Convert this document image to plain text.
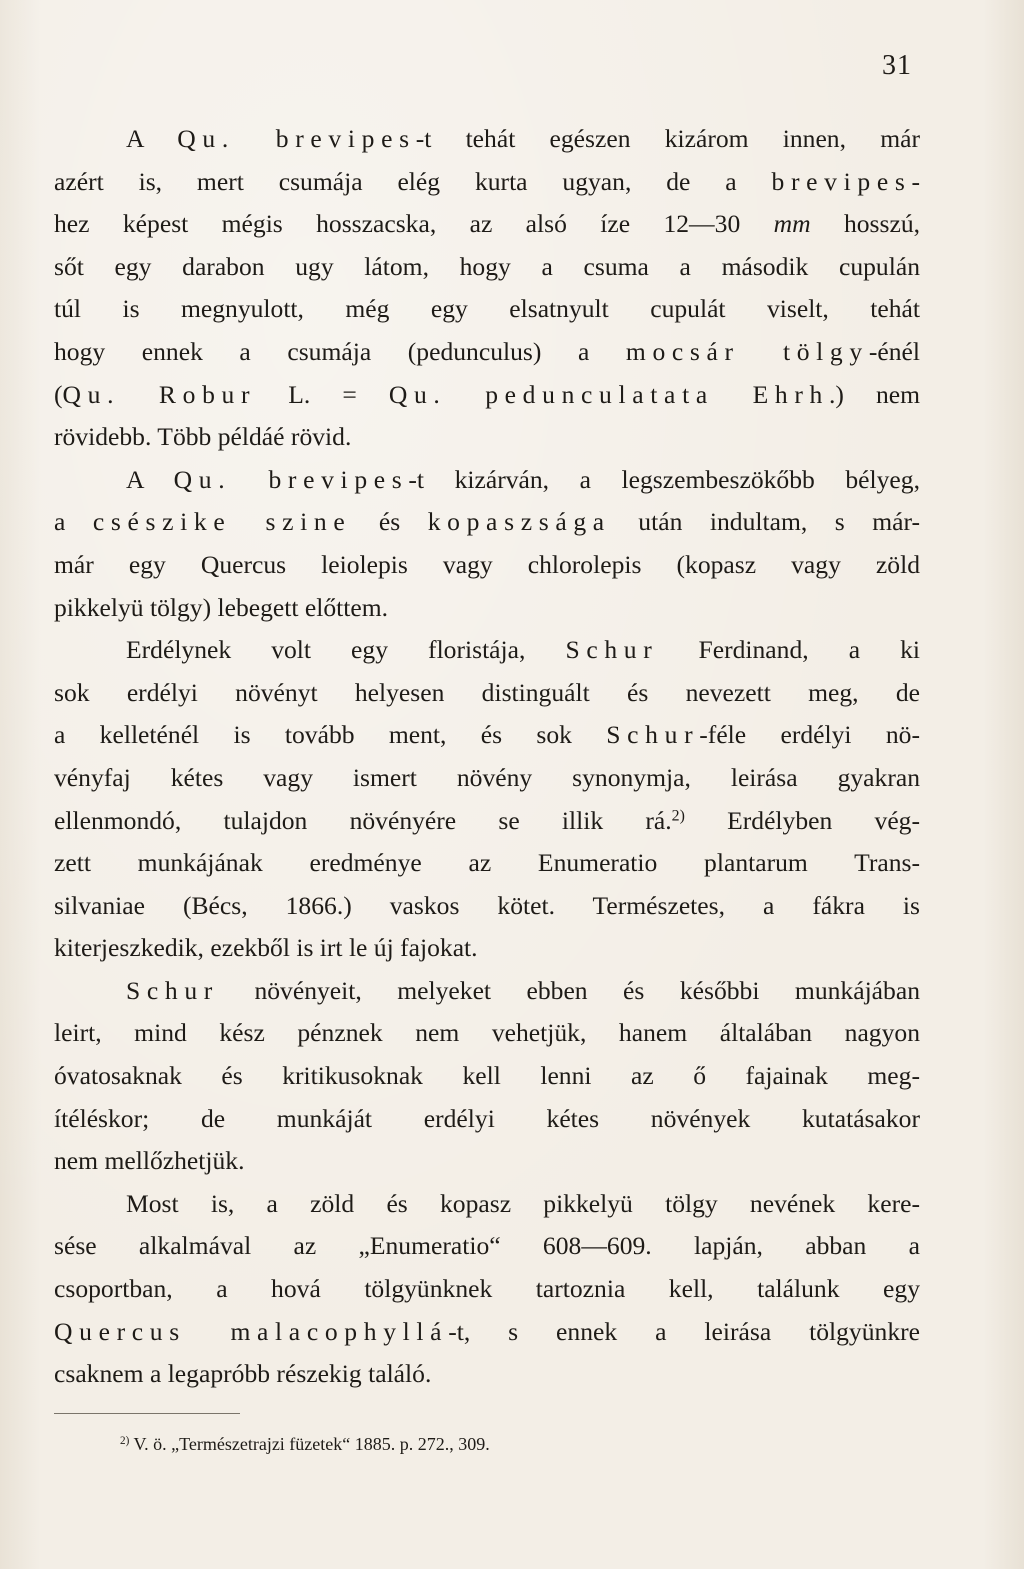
31
A Qu. brevipes-t tehát egészen kizárom innen, már
azért is, mert csumája elég kurta ugyan, de a brevipes-
hez képest mégis hosszacska, az alsó íze 12—30 mm hosszú,
sőt egy darabon ugy látom, hogy a csuma a második cupulán
túl is megnyulott, még egy elsatnyult cupulát viselt, tehát
hogy ennek a csumája (pedunculus) a mocsár tölgy-énél
(Qu. Robur L. = Qu. pedunculatata Ehrh.) nem
rövidebb. Több példáé rövid.
A Qu. brevipes-t kizárván, a legszembeszökőbb bélyeg,
a csészike szine és kopaszsága után indultam, s már-
már egy Quercus leiolepis vagy chlorolepis (kopasz vagy zöld
pikkelyü tölgy) lebegett előttem.
Erdélynek volt egy floristája, Schur Ferdinand, a ki
sok erdélyi növényt helyesen distinguált és nevezett meg, de
a kelleténél is tovább ment, és sok Schur-féle erdélyi nö-
vényfaj kétes vagy ismert növény synonymja, leirása gyakran
ellenmondó, tulajdon növényére se illik rá.$^{2)}$ Erdélyben vég-
zett munkájának eredménye az Enumeratio plantarum Trans-
silvaniae (Bécs, 1866.) vaskos kötet. Természetes, a fákra is
kiterjeszkedik, ezekből is irt le új fajokat.
Schur növényeit, melyeket ebben és későbbi munkájában
leirt, mind kész pénznek nem vehetjük, hanem általában nagyon
óvatosaknak és kritikusoknak kell lenni az ő fajainak meg-
ítéléskor; de munkáját erdélyi kétes növények kutatásakor
nem mellőzhetjük.
Most is, a zöld és kopasz pikkelyü tölgy nevének kere-
sése alkalmával az „Enumeratio“ 608—609. lapján, abban a
csoportban, a hová tölgyünknek tartoznia kell, találunk egy
Quercus malacophyllá-t, s ennek a leirása tölgyünkre
csaknem a legapróbb részekig találó.
$^{2)}$ V. ö. „Természetrajzi füzetek“ 1885. p. 272., 309.
